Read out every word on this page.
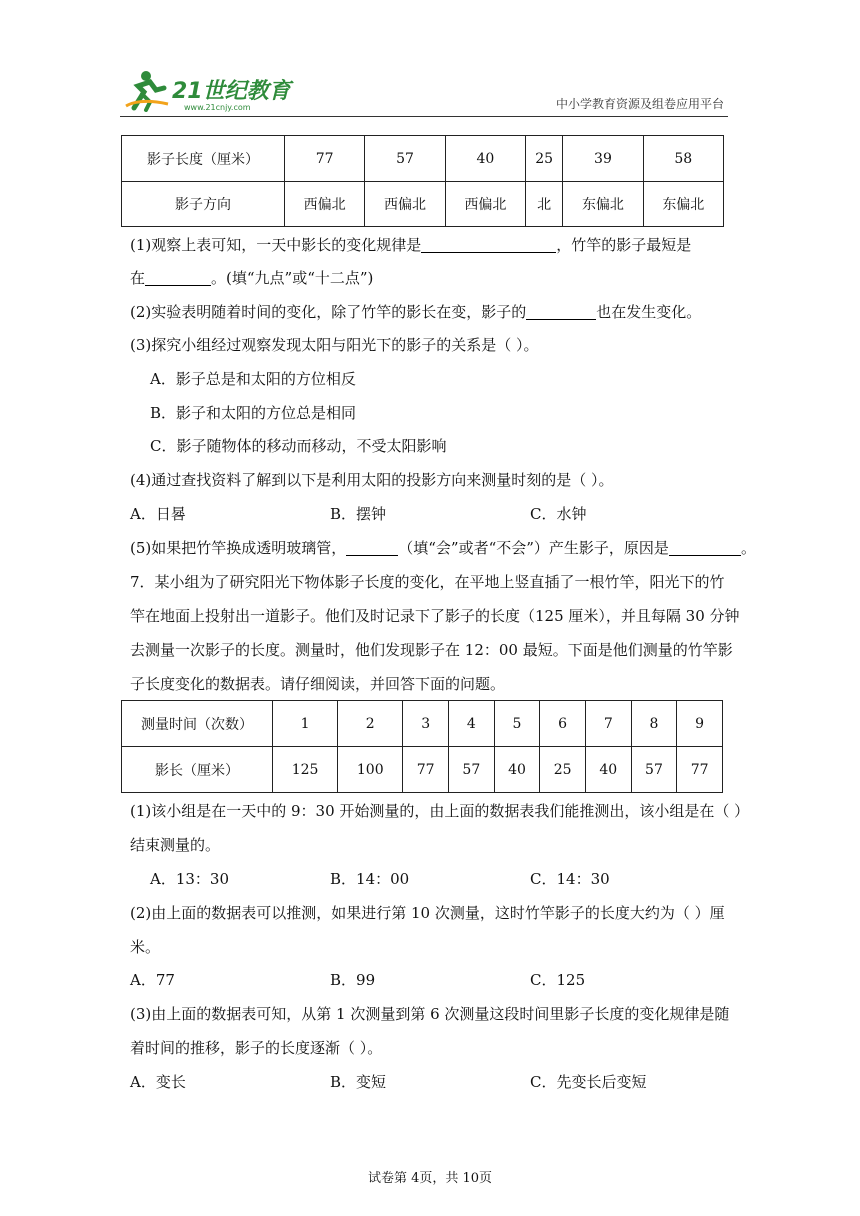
21世纪教育
www.21cnjy.com	中小学教育资源及组卷应用平台
影子长度（厘米）	77	57	40	25	39	58
影子方向	西偏北	西偏北	西偏北	北	东偏北	东偏北
(1)观察上表可知，一天中影长的变化规律是	，竹竿的影子最短是
在	。(填“九点”或“十二点”)
(2)实验表明随着时间的变化，除了竹竿的影长在变，影子的	也在发生变化。
(3)探究小组经过观察发现太阳与阳光下的影子的关系是（ ）。
A．影子总是和太阳的方位相反
B．影子和太阳的方位总是相同
C．影子随物体的移动而移动，不受太阳影响
(4)通过查找资料了解到以下是利用太阳的投影方向来测量时刻的是（ ）。
A．日晷	B．摆钟	C．水钟
(5)如果把竹竿换成透明玻璃管，	（填“会”或者“不会”）产生影子，原因是	。
7．某小组为了研究阳光下物体影子长度的变化，在平地上竖直插了一根竹竿，阳光下的竹
竿在地面上投射出一道影子。他们及时记录下了影子的长度（125 厘米），并且每隔 30 分钟
去测量一次影子的长度。测量时，他们发现影子在 12：00 最短。下面是他们测量的竹竿影
子长度变化的数据表。请仔细阅读，并回答下面的问题。
测量时间（次数）	1	2	3	4	5	6	7	8	9
影长（厘米）	125	100	77	57	40	25	40	57	77
(1)该小组是在一天中的 9：30 开始测量的，由上面的数据表我们能推测出，该小组是在（ ）
结束测量的。
A．13：30	B．14：00	C．14：30
(2)由上面的数据表可以推测，如果进行第 10 次测量，这时竹竿影子的长度大约为（ ）厘
米。
A．77	B．99	C．125
(3)由上面的数据表可知，从第 1 次测量到第 6 次测量这段时间里影子长度的变化规律是随
着时间的推移，影子的长度逐渐（ ）。
A．变长	B．变短	C．先变长后变短
试卷第 4页，共 10页
